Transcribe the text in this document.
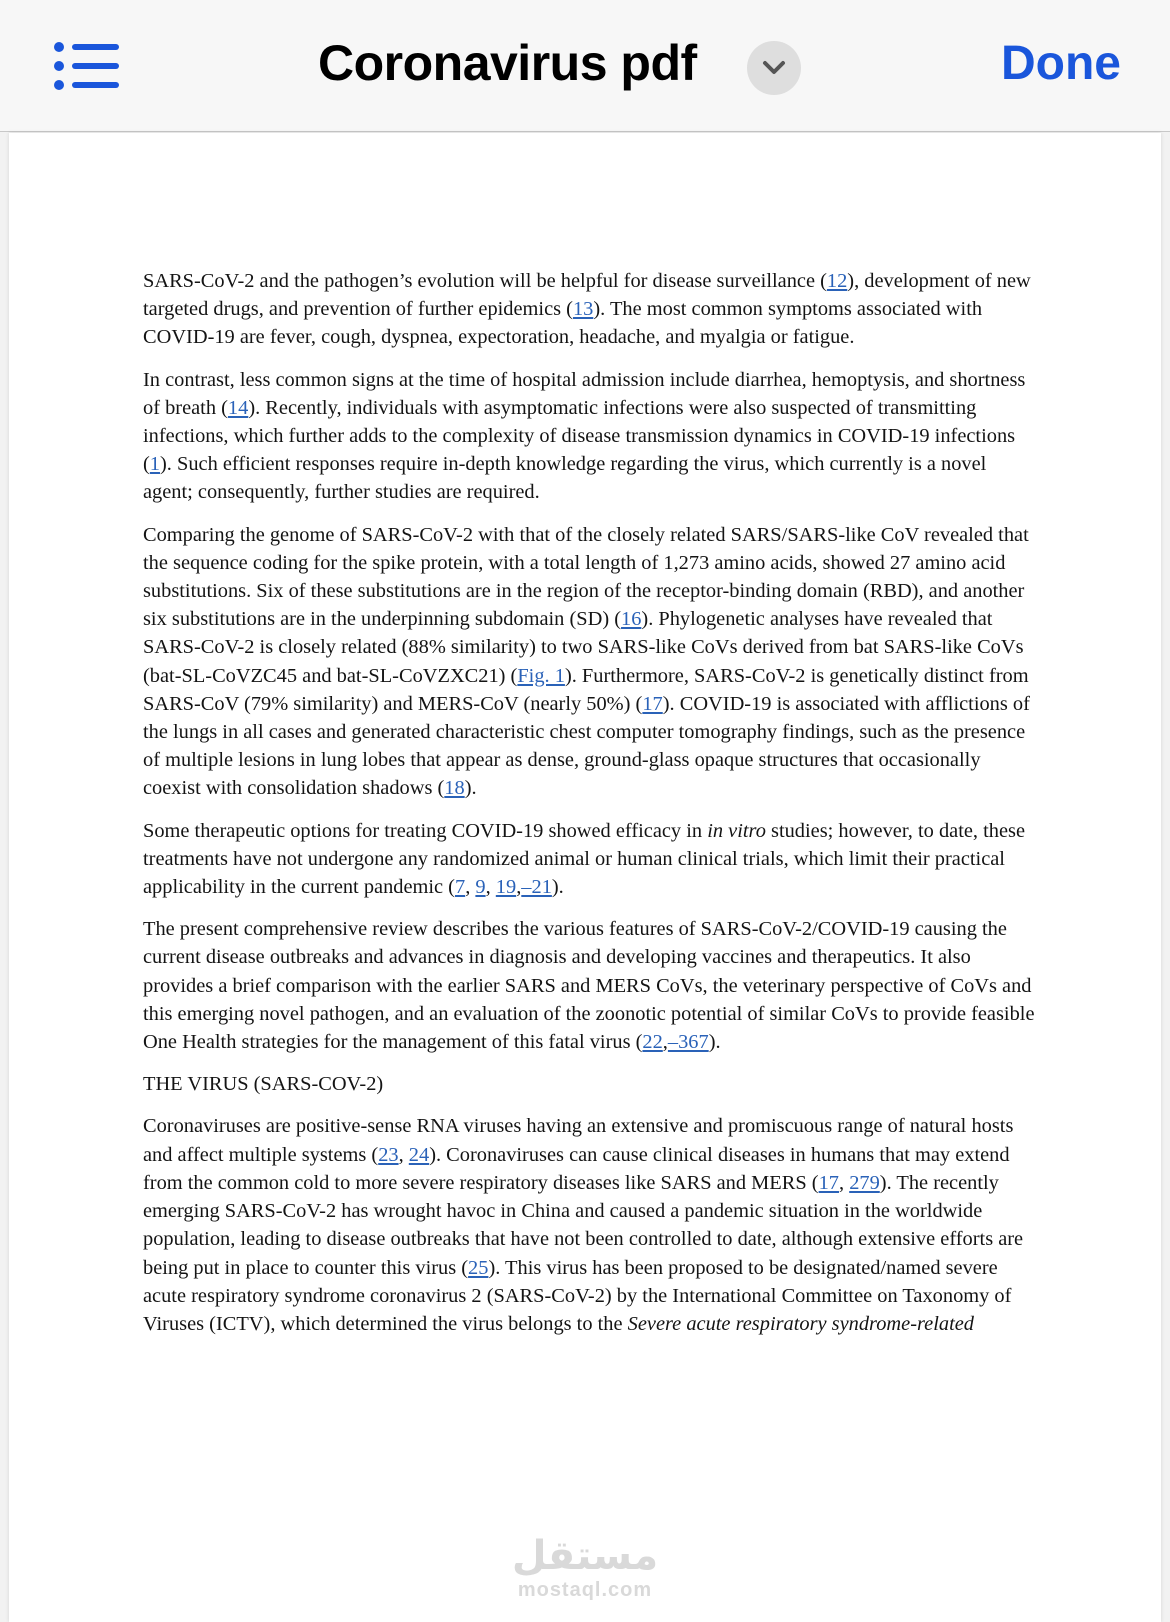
Coronavirus pdf	Done

SARS-CoV-2 and the pathogen’s evolution will be helpful for disease surveillance (12), development of new targeted drugs, and prevention of further epidemics (13). The most common symptoms associated with COVID-19 are fever, cough, dyspnea, expectoration, headache, and myalgia or fatigue.

In contrast, less common signs at the time of hospital admission include diarrhea, hemoptysis, and shortness of breath (14). Recently, individuals with asymptomatic infections were also suspected of transmitting infections, which further adds to the complexity of disease transmission dynamics in COVID-19 infections (1). Such efficient responses require in-depth knowledge regarding the virus, which currently is a novel agent; consequently, further studies are required.

Comparing the genome of SARS-CoV-2 with that of the closely related SARS/SARS-like CoV revealed that the sequence coding for the spike protein, with a total length of 1,273 amino acids, showed 27 amino acid substitutions. Six of these substitutions are in the region of the receptor-binding domain (RBD), and another six substitutions are in the underpinning subdomain (SD) (16). Phylogenetic analyses have revealed that SARS-CoV-2 is closely related (88% similarity) to two SARS-like CoVs derived from bat SARS-like CoVs (bat-SL-CoVZC45 and bat-SL-CoVZXC21) (Fig. 1). Furthermore, SARS-CoV-2 is genetically distinct from SARS-CoV (79% similarity) and MERS-CoV (nearly 50%) (17). COVID-19 is associated with afflictions of the lungs in all cases and generated characteristic chest computer tomography findings, such as the presence of multiple lesions in lung lobes that appear as dense, ground-glass opaque structures that occasionally coexist with consolidation shadows (18).

Some therapeutic options for treating COVID-19 showed efficacy in in vitro studies; however, to date, these treatments have not undergone any randomized animal or human clinical trials, which limit their practical applicability in the current pandemic (7, 9, 19,–21).

The present comprehensive review describes the various features of SARS-CoV-2/COVID-19 causing the current disease outbreaks and advances in diagnosis and developing vaccines and therapeutics. It also provides a brief comparison with the earlier SARS and MERS CoVs, the veterinary perspective of CoVs and this emerging novel pathogen, and an evaluation of the zoonotic potential of similar CoVs to provide feasible One Health strategies for the management of this fatal virus (22,–367).

THE VIRUS (SARS-COV-2)

Coronaviruses are positive-sense RNA viruses having an extensive and promiscuous range of natural hosts and affect multiple systems (23, 24). Coronaviruses can cause clinical diseases in humans that may extend from the common cold to more severe respiratory diseases like SARS and MERS (17, 279). The recently emerging SARS-CoV-2 has wrought havoc in China and caused a pandemic situation in the worldwide population, leading to disease outbreaks that have not been controlled to date, although extensive efforts are being put in place to counter this virus (25). This virus has been proposed to be designated/named severe acute respiratory syndrome coronavirus 2 (SARS-CoV-2) by the International Committee on Taxonomy of Viruses (ICTV), which determined the virus belongs to the Severe acute respiratory syndrome-related

مستقل
mostaql.com
